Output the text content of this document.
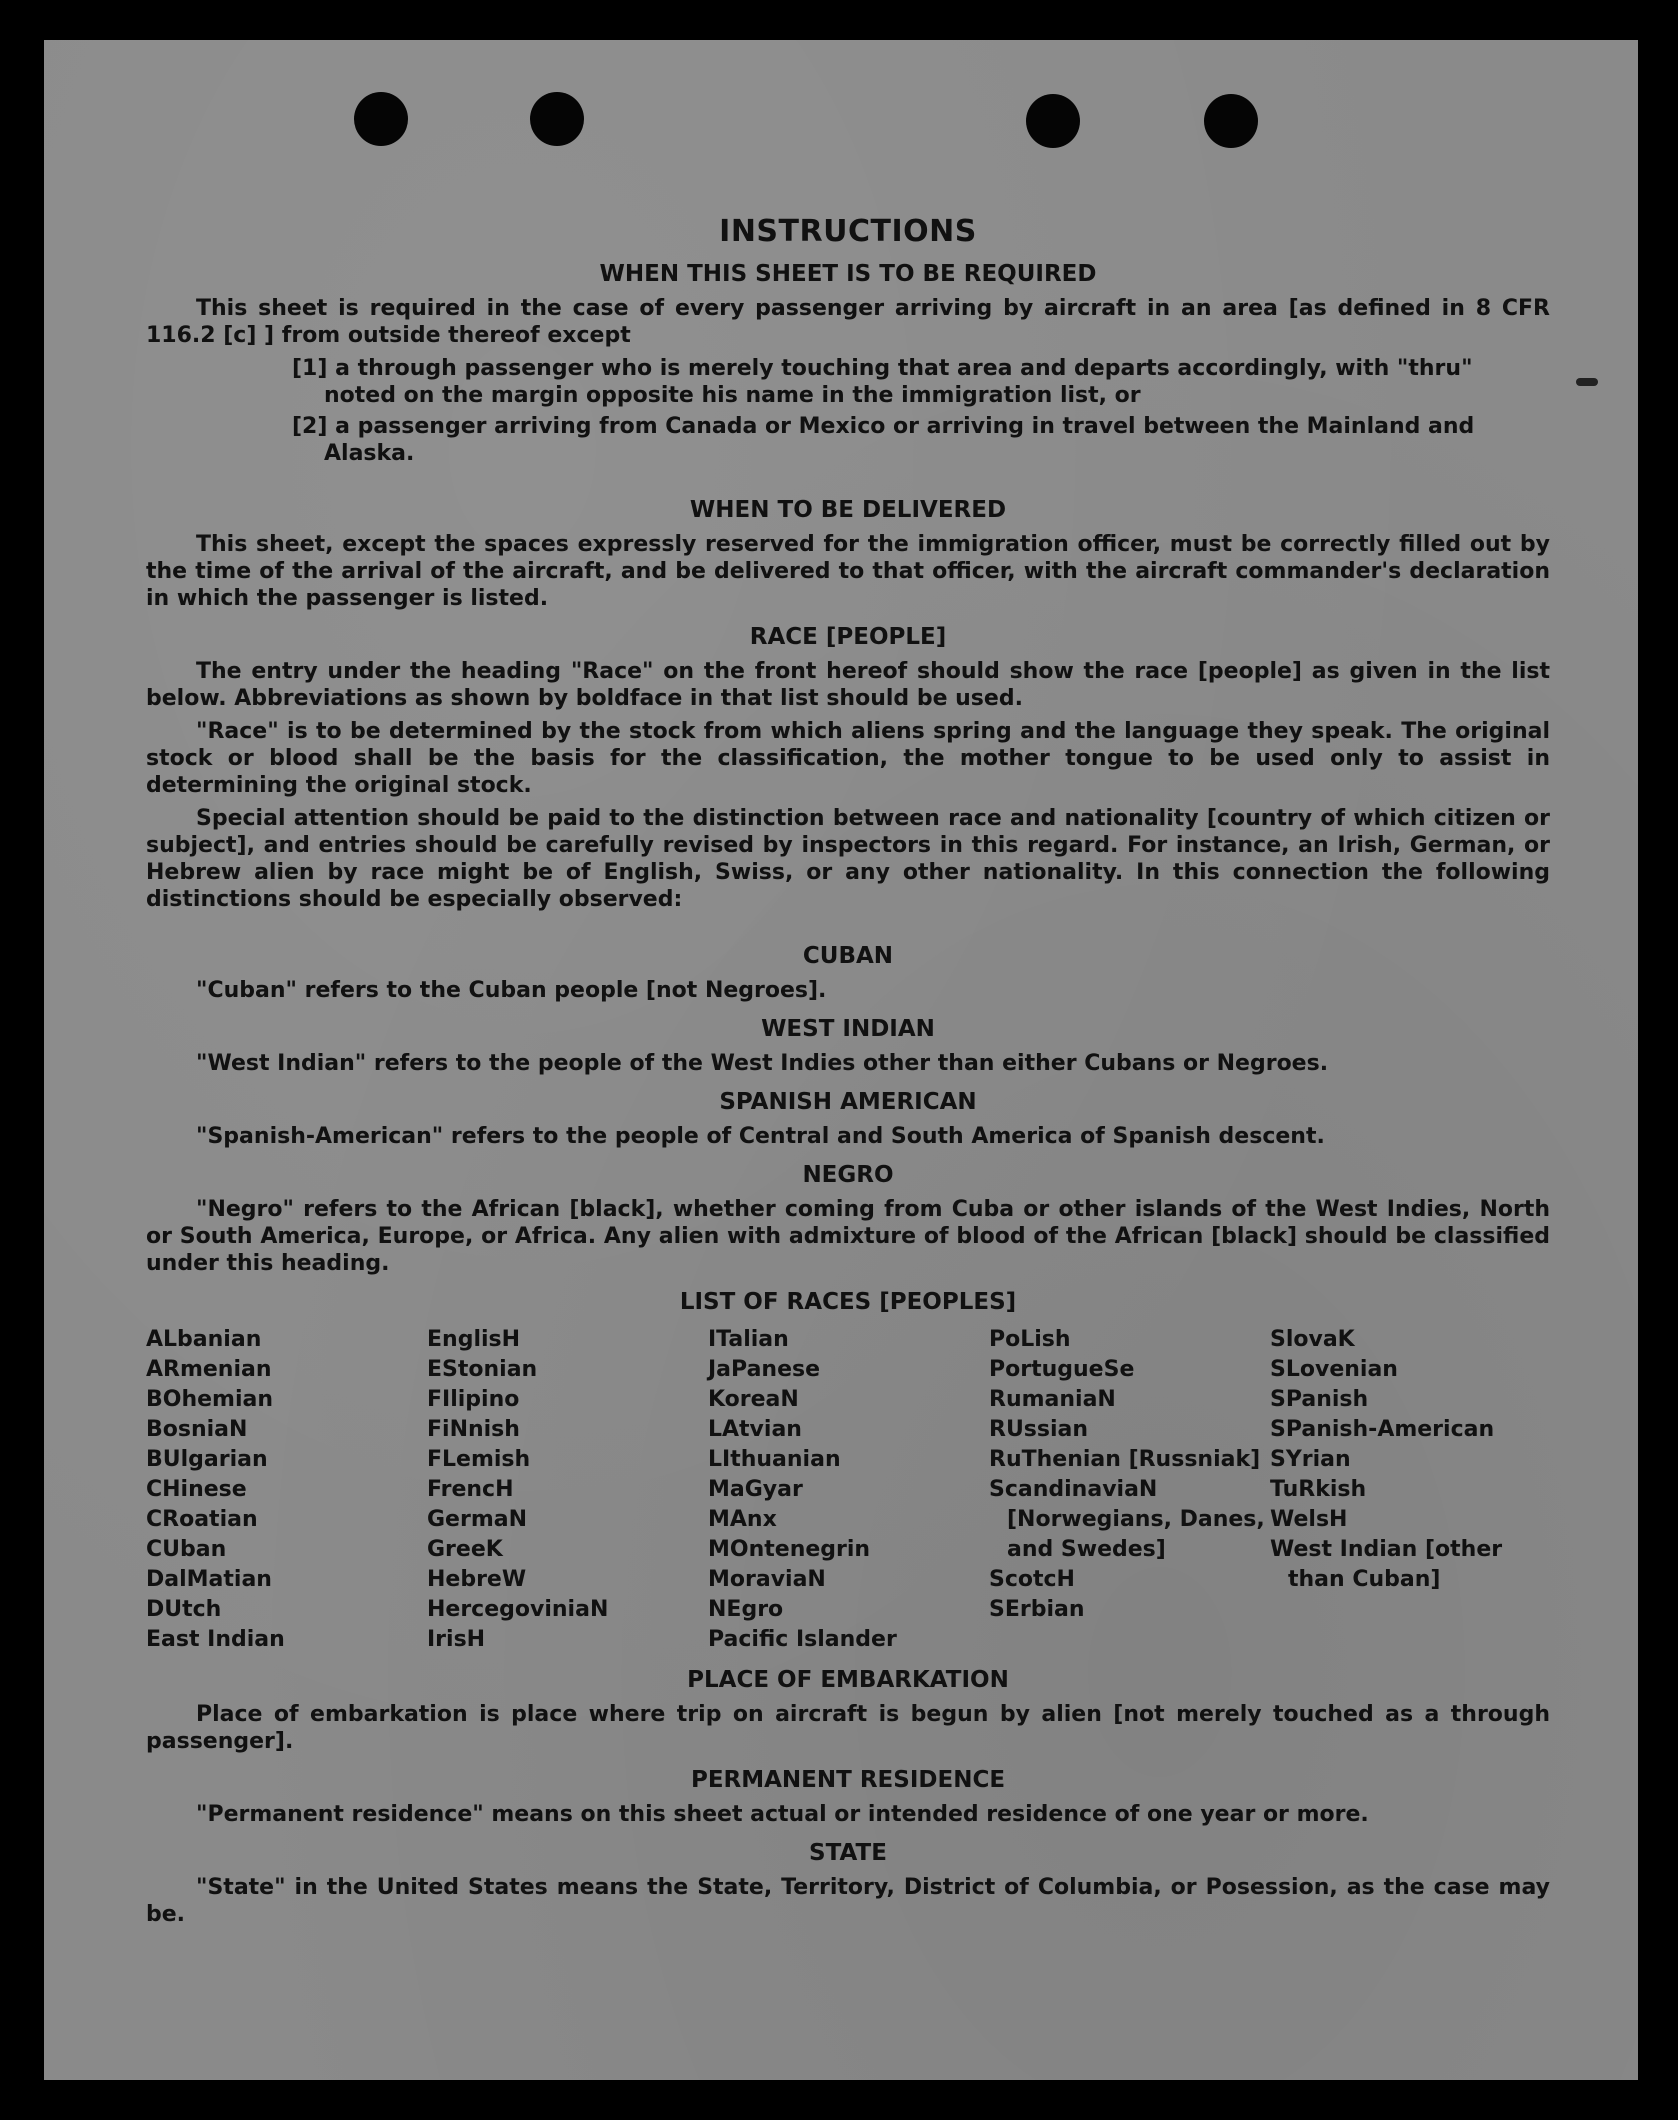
INSTRUCTIONS
WHEN THIS SHEET IS TO BE REQUIRED

This sheet is required in the case of every passenger arriving by aircraft in an area [as defined in 8 CFR 116.2 [c] ] from outside thereof except

[1] a through passenger who is merely touching that area and departs accordingly, with "thru" noted on the margin opposite his name in the immigration list, or
[2] a passenger arriving from Canada or Mexico or arriving in travel between the Mainland and Alaska.
WHEN TO BE DELIVERED

This sheet, except the spaces expressly reserved for the immigration officer, must be correctly filled out by the time of the arrival of the aircraft, and be delivered to that officer, with the aircraft commander's declaration in which the passenger is listed.

RACE [PEOPLE]

The entry under the heading "Race" on the front hereof should show the race [people] as given in the list below. Abbreviations as shown by boldface in that list should be used.

"Race" is to be determined by the stock from which aliens spring and the language they speak. The original stock or blood shall be the basis for the classification, the mother tongue to be used only to assist in determining the original stock.

Special attention should be paid to the distinction between race and nationality [country of which citizen or subject], and entries should be carefully revised by inspectors in this regard. For instance, an Irish, German, or Hebrew alien by race might be of English, Swiss, or any other nationality. In this connection the following distinctions should be especially observed:

CUBAN

"Cuban" refers to the Cuban people [not Negroes].

WEST INDIAN

"West Indian" refers to the people of the West Indies other than either Cubans or Negroes.

SPANISH AMERICAN

"Spanish-American" refers to the people of Central and South America of Spanish descent.

NEGRO

"Negro" refers to the African [black], whether coming from Cuba or other islands of the West Indies, North or South America, Europe, or Africa. Any alien with admixture of blood of the African [black] should be classified under this heading.

LIST OF RACES [PEOPLES]
ALbanian
ARmenian
BOhemian
BosniaN
BUlgarian
CHinese
CRoatian
CUban
DalMatian
DUtch
East Indian
EnglisH
EStonian
FIlipino
FiNnish
FLemish
FrencH
GermaN
GreeK
HebreW
HercegoviniaN
IrisH
ITalian
JaPanese
KoreaN
LAtvian
LIthuanian
MaGyar
MAnx
MOntenegrin
MoraviaN
NEgro
Pacific Islander
PoLish
PortugueSe
RumaniaN
RUssian
RuThenian [Russniak]
ScandinaviaN [Norwegians, Danes, and Swedes]
ScotcH
SErbian
SlovaK
SLovenian
SPanish
SPanish-American
SYrian
TuRkish
WelsH
West Indian [other than Cuban]
PLACE OF EMBARKATION

Place of embarkation is place where trip on aircraft is begun by alien [not merely touched as a through passenger].

PERMANENT RESIDENCE

"Permanent residence" means on this sheet actual or intended residence of one year or more.

STATE

"State" in the United States means the State, Territory, District of Columbia, or Posession, as the case may be.
